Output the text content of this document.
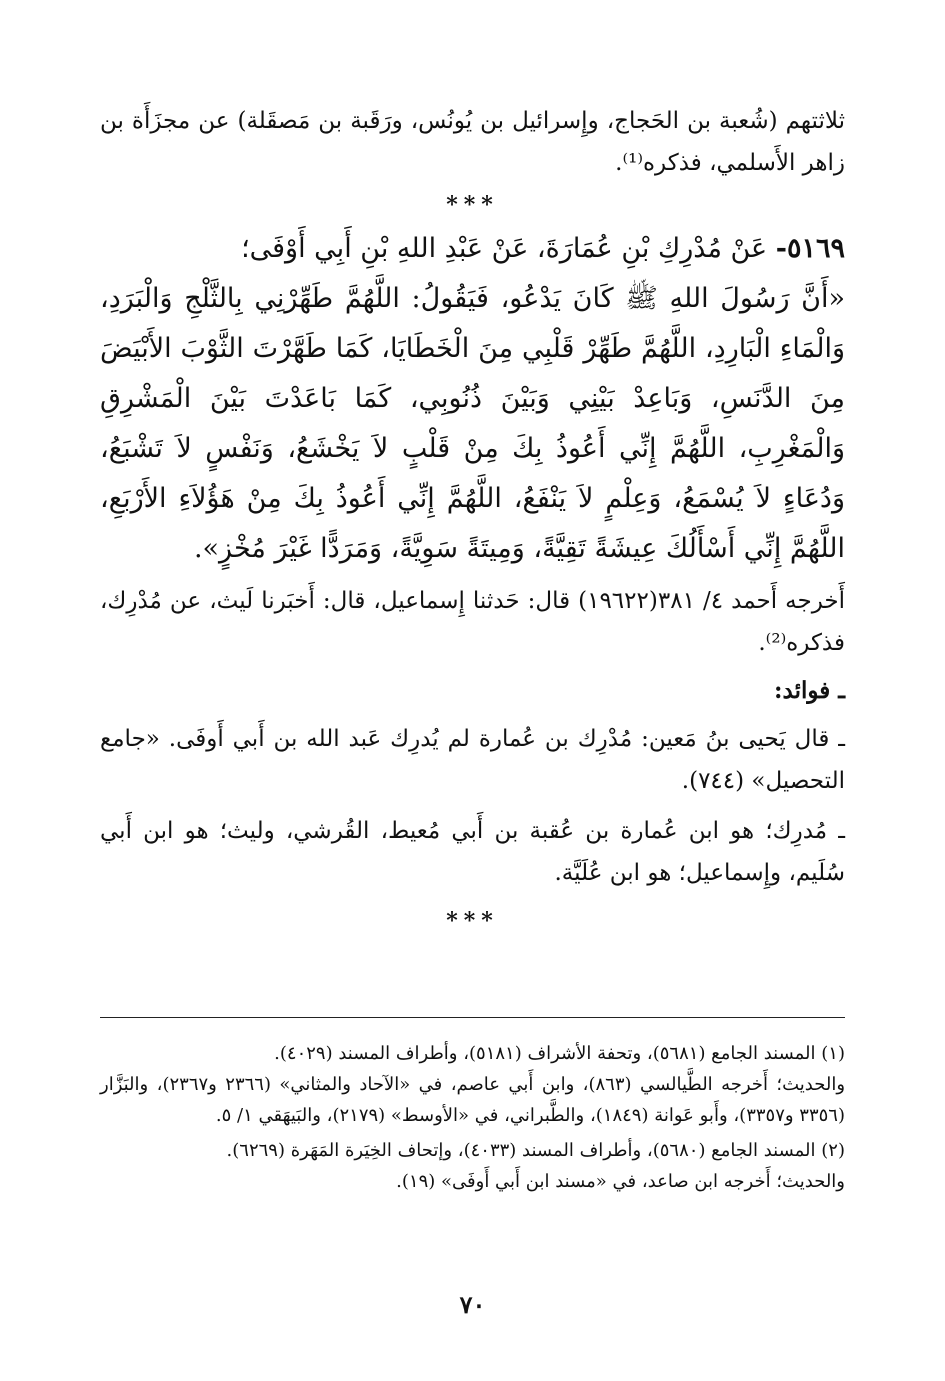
ثلاثتهم (شُعبة بن الحَجاج، وإِسرائيل بن يُونُس، ورَقَبة بن مَصقَلة) عن مجزَأَة بن زاهر الأَسلمي، فذكره⁽¹⁾.

***

٥١٦٩- عَنْ مُدْرِكِ بْنِ عُمَارَةَ، عَنْ عَبْدِ اللهِ بْنِ أَبِي أَوْفَى؛

«أَنَّ رَسُولَ اللهِ ﷺ كَانَ يَدْعُو، فَيَقُولُ: اللَّهُمَّ طَهِّرْنِي بِالثَّلْجِ وَالْبَرَدِ، وَالْمَاءِ الْبَارِدِ، اللَّهُمَّ طَهِّرْ قَلْبِي مِنَ الْخَطَايَا، كَمَا طَهَّرْتَ الثَّوْبَ الأَبْيَضَ مِنَ الدَّنَسِ، وَبَاعِدْ بَيْنِي وَبَيْنَ ذُنُوبِي، كَمَا بَاعَدْتَ بَيْنَ الْمَشْرِقِ وَالْمَغْرِبِ، اللَّهُمَّ إِنِّي أَعُوذُ بِكَ مِنْ قَلْبٍ لاَ يَخْشَعُ، وَنَفْسٍ لاَ تَشْبَعُ، وَدُعَاءٍ لاَ يُسْمَعُ، وَعِلْمٍ لاَ يَنْفَعُ، اللَّهُمَّ إِنِّي أَعُوذُ بِكَ مِنْ هَؤُلاَءِ الأَرْبَعِ، اللَّهُمَّ إِنِّي أَسْأَلُكَ عِيشَةً تَقِيَّةً، وَمِيتَةً سَوِيَّةً، وَمَرَدًّا غَيْرَ مُخْزٍ».

أَخرجه أَحمد ٤/ ٣٨١(١٩٦٢٢) قال: حَدثنا إِسماعيل، قال: أَخبَرنا لَيث، عن مُدْرِك، فذكره⁽²⁾.

ـ فوائد:

ـ قال يَحيى بنُ مَعين: مُدْرِك بن عُمارة لم يُدرِك عَبد الله بن أَبي أَوفَى. «جامع التحصيل» (٧٤٤).

ـ مُدرِك؛ هو ابن عُمارة بن عُقبة بن أَبي مُعيط، القُرشي، وليث؛ هو ابن أَبي سُلَيم، وإِسماعيل؛ هو ابن عُلَيَّة.

***

(١) المسند الجامع (٥٦٨١)، وتحفة الأشراف (٥١٨١)، وأطراف المسند (٤٠٢٩).

والحديث؛ أَخرجه الطَّيالسي (٨٦٣)، وابن أَبي عاصم، في «الآحاد والمثاني» (٢٣٦٦ و٢٣٦٧)، والبَزَّار (٣٣٥٦ و٣٣٥٧)، وأَبو عَوانة (١٨٤٩)، والطَّبراني، في «الأوسط» (٢١٧٩)، والبَيهَقي ١/ ٥.

(٢) المسند الجامع (٥٦٨٠)، وأطراف المسند (٤٠٣٣)، وإتحاف الخِيَرة المَهَرة (٦٢٦٩).

والحديث؛ أَخرجه ابن صاعد، في «مسند ابن أَبي أَوفَى» (١٩).

٧٠
